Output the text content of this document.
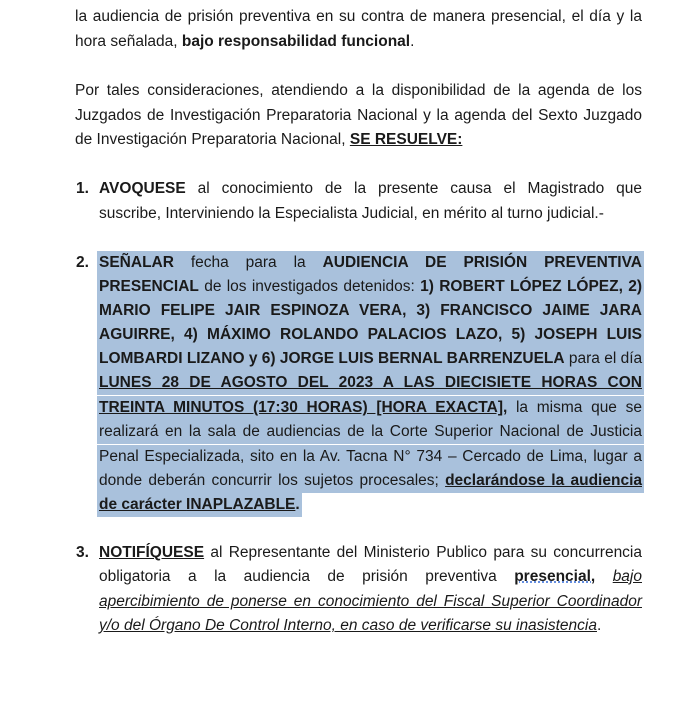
la audiencia de prisión preventiva en su contra de manera presencial, el día y la
hora señalada, bajo responsabilidad funcional.
Por tales consideraciones, atendiendo a la disponibilidad de la agenda de los
Juzgados de Investigación Preparatoria Nacional y la agenda del Sexto Juzgado
de Investigación Preparatoria Nacional, SE RESUELVE:
1. AVOQUESE al conocimiento de la presente causa el Magistrado que
suscribe, Interviniendo la Especialista Judicial, en mérito al turno judicial.-
2. SEÑALAR fecha para la AUDIENCIA DE PRISIÓN PREVENTIVA
PRESENCIAL de los investigados detenidos: 1) ROBERT LÓPEZ LÓPEZ, 2)
MARIO FELIPE JAIR ESPINOZA VERA, 3) FRANCISCO JAIME JARA
AGUIRRE, 4) MÁXIMO ROLANDO PALACIOS LAZO, 5) JOSEPH LUIS
LOMBARDI LIZANO y 6) JORGE LUIS BERNAL BARRENZUELA para el día
LUNES 28 DE AGOSTO DEL 2023 A LAS DIECISIETE HORAS CON
TREINTA MINUTOS (17:30 HORAS) [HORA EXACTA], la misma que se
realizará en la sala de audiencias de la Corte Superior Nacional de Justicia
Penal Especializada, sito en la Av. Tacna N° 734 – Cercado de Lima, lugar a
donde deberán concurrir los sujetos procesales; declarándose la audiencia
de carácter INAPLAZABLE.
3. NOTIFÍQUESE al Representante del Ministerio Publico para su concurrencia
obligatoria a la audiencia de prisión preventiva presencial, bajo
apercibimiento de ponerse en conocimiento del Fiscal Superior Coordinador
y/o del Órgano De Control Interno, en caso de verificarse su inasistencia.
